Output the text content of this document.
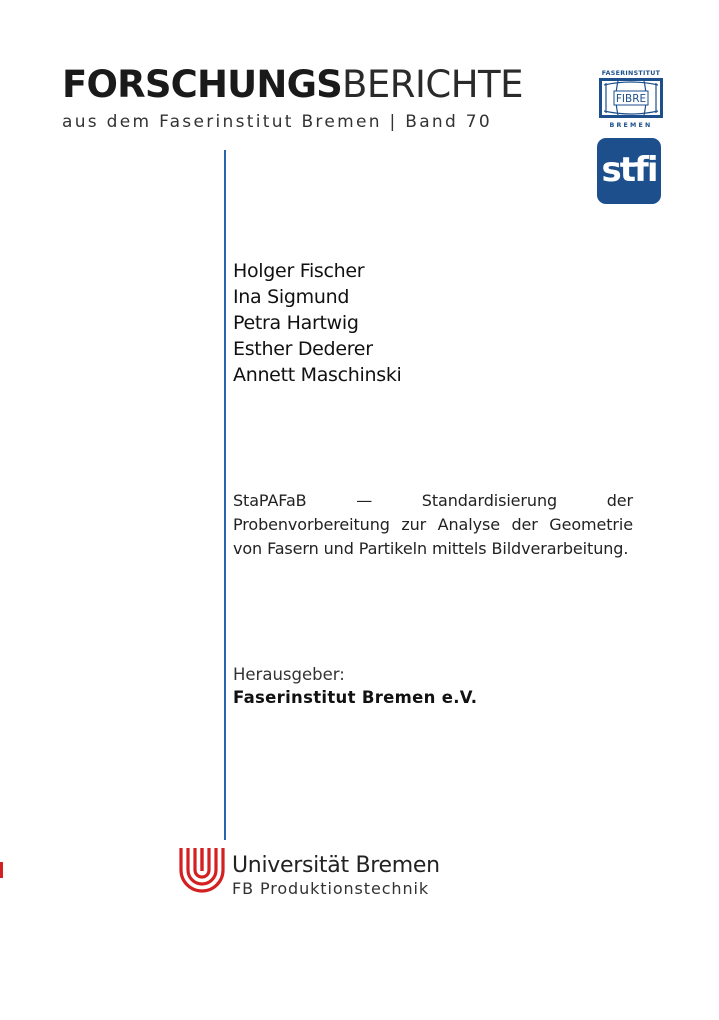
FORSCHUNGSBERICHTE
aus dem Faserinstitut Bremen | Band 70
FASERINSTITUT
FIBRE
BREMEN
stfi
Holger Fischer
Ina Sigmund
Petra Hartwig
Esther Dederer
Annett Maschinski
StaPAFaB — Standardisierung der Probenvorbereitung zur Analyse der Geometrie von Fasern und Partikeln mittels Bildverarbeitung.
Herausgeber:
Faserinstitut Bremen e.V.
Universität Bremen
FB Produktionstechnik
